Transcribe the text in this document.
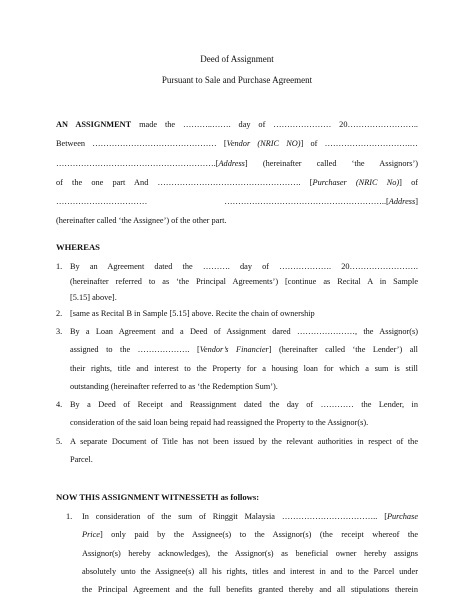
Deed of Assignment
Pursuant to Sale and Purchase Agreement

AN ASSIGNMENT made the ………..……. day of ………………… 20……………………..

Between ……………………………………… [Vendor (NRIC NO)] of ………………………….…

………………………………………………….[Address] (hereinafter called ‘the Assignors’)

of the one part And ……………………………………………. [Purchaser (NRIC No)] of

…………………………… …………………………………………………..[Address]

(hereinafter called ‘the Assignee’) of the other part.

WHEREAS
1. By an Agreement dated the ………. day of ………………. 20…………………….

(hereinafter referred to as ‘the Principal Agreements’) [continue as Recital A in Sample

[5.15] above].

2. [same as Recital B in Sample [5.15] above. Recite the chain of ownership

3. By a Loan Agreement and a Deed of Assignment dared …………………, the Assignor(s)

assigned to the ………………. [Vendor’s Financier] (hereinafter called ‘the Lender’) all

their rights, title and interest to the Property for a housing loan for which a sum is still

outstanding (hereinafter referred to as ‘the Redemption Sum’).

4. By a Deed of Receipt and Reassignment dated the day of ………… the Lender, in

consideration of the said loan being repaid had reassigned the Property to the Assignor(s).

5. A separate Document of Title has not been issued by the relevant authorities in respect of the

Parcel.

NOW THIS ASSIGNMENT WITNESSETH as follows:
1.	In consideration of the sum of Ringgit Malaysia …………………………….. [Purchase

Price] only paid by the Assignee(s) to the Assignor(s) (the receipt whereof the

Assignor(s) hereby acknowledges), the Assignor(s) as beneficial owner hereby assigns

absolutely unto the Assignee(s) all his rights, titles and interest in and to the Parcel under

the Principal Agreement and the full benefits granted thereby and all stipulations therein
